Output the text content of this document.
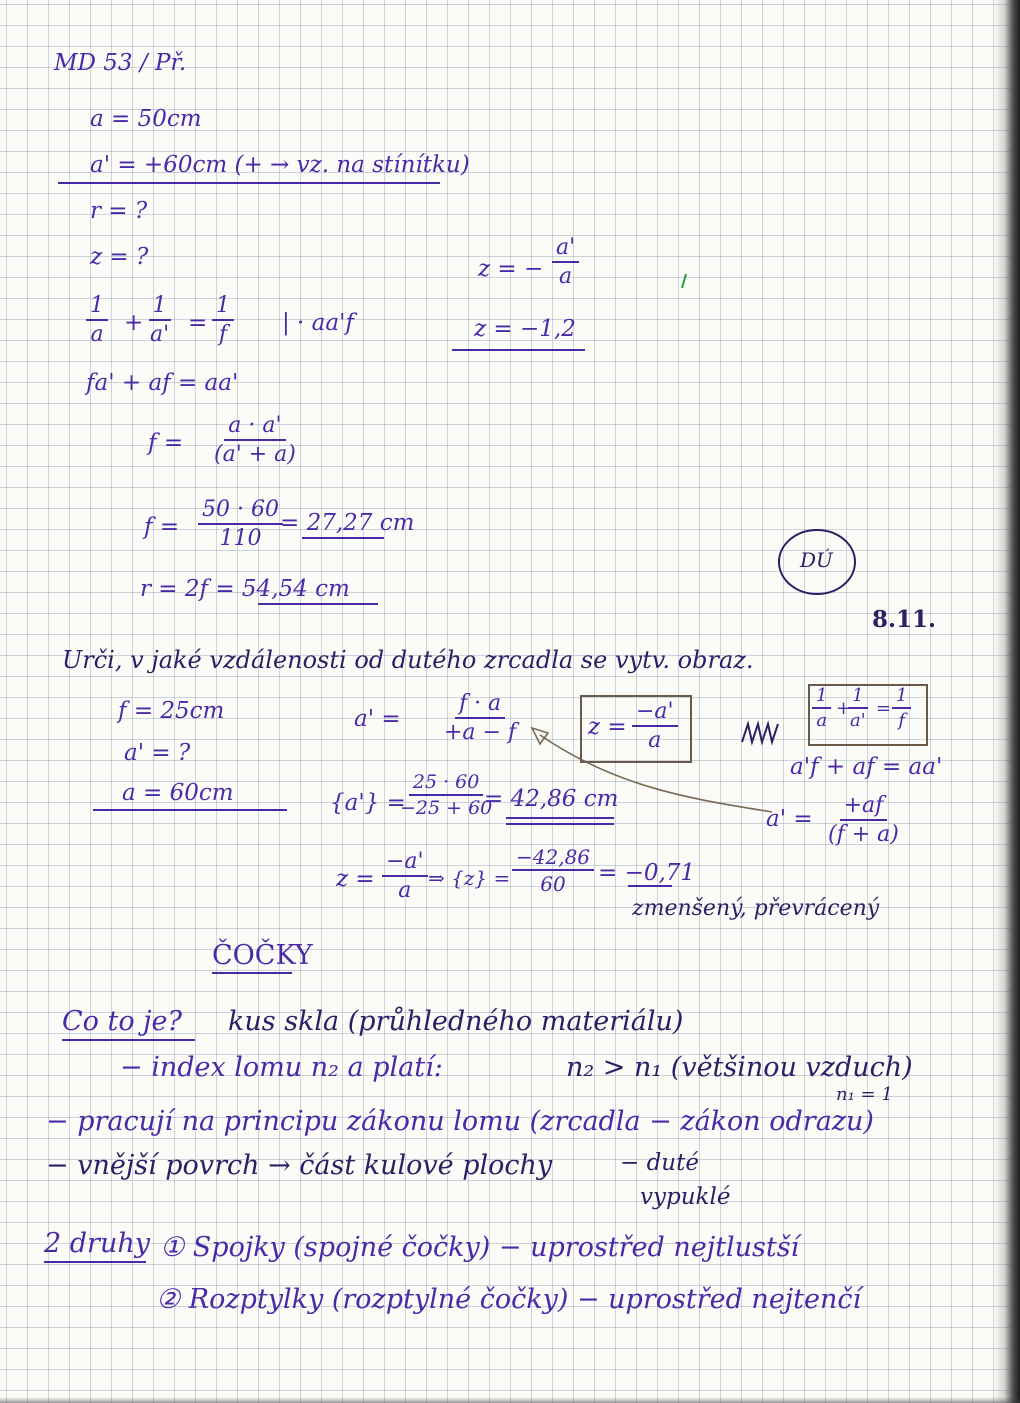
MD 53 / Př.
a = 50cm
a' = +60cm (+ → vz. na stínítku)
r = ?
z = ?
$\frac{1}{a} + \frac{1}{a'} = \frac{1}{f}$ | · aa'f
fa' + af = aa'
$f = \frac{a \cdot a'}{(a' + a)}$
$f = \frac{50 \cdot 60}{110}$
= 27,27 cm
r = 2f = 54,54 cm
z = − $\frac{a'}{a}$
z = −1,2
DÚ
8.11.
Urči, v jaké vzdálenosti od dutého zrcadla se vytv. obraz.
f = 25cm
a' = ?
a = 60cm
$a' = \frac{f \cdot a}{+a - f}$	$z = \frac{-a'}{a}$	$\frac{1}{a}$ +
$\frac{1}{a'} = \frac{1}{f}$
{a'} =
$\frac{25 \cdot 60}{-25 + 60}$
= 42,86 cm
a'f + af = aa'
$a' = \frac{+af}{(f + a)}$
$z = \frac{-a'}{a}$ ⇒ $\{z\} = \frac{-42,86}{60} = -0,71$
zmenšený, převrácený
ČOČKY
Co to je? kus skla (průhledného materiálu)
− index lomu n₂ a platí:	n₂ > n₁ (většinou vzduch)
n₁ = 1
− pracují na principu zákonu lomu (zrcadla − zákon odrazu)
− vnější povrch → část kulové plochy	− duté
vypuklé
2 druhy ① Spojky (spojné čočky) − uprostřed nejtlustší
② Rozptylky (rozptylné čočky) − uprostřed nejtenčí
